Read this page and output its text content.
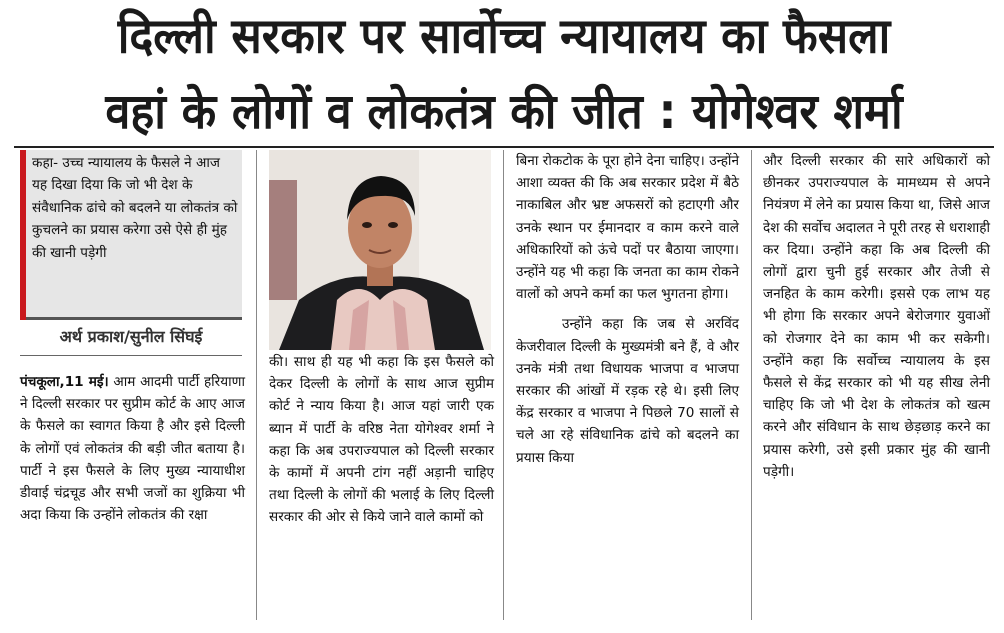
दिल्ली सरकार पर सार्वोच्च न्यायालय का फैसला
वहां के लोगों व लोकतंत्र की जीत : योगेश्वर शर्मा
कहा- उच्च न्यायालय के फैसले ने आज यह दिखा दिया कि जो भी देश के संवैधानिक ढांचे को बदलने या लोकतंत्र को कुचलने का प्रयास करेगा उसे ऐसे ही मुंह की खानी पड़ेगी
अर्थ प्रकाश/सुनील सिंघई
पंचकूला,11 मई। आम आदमी पार्टी हरियाणा ने दिल्ली सरकार पर सुप्रीम कोर्ट के आए आज के फैसले का स्वागत किया है और इसे दिल्ली के लोगों एवं लोकतंत्र की बड़ी जीत बताया है। पार्टी ने इस फैसले के लिए मुख्य न्यायाधीश डीवाई चंद्रचूड और सभी जजों का शुक्रिया भी अदा किया कि उन्होंने लोकतंत्र की रक्षा
की। साथ ही यह भी कहा कि इस फैसले को देकर दिल्ली के लोगों के साथ आज सुप्रीम कोर्ट ने न्याय किया है। आज यहां जारी एक ब्यान में पार्टी के वरिष्ठ नेता योगेश्वर शर्मा ने कहा कि अब उपराज्यपाल को दिल्ली सरकार के कामों में अपनी टांग नहीं अड़ानी चाहिए तथा दिल्ली के लोगों की भलाई के लिए दिल्ली सरकार की ओर से किये जाने वाले कामों को
बिना रोकटोक के पूरा होने देना चाहिए। उन्होंने आशा व्यक्त की कि अब सरकार प्रदेश में बैठे नाकाबिल और भ्रष्ट अफसरों को हटाएगी और उनके स्थान पर ईमानदार व काम करने वाले अधिकारियों को ऊंचे पदों पर बैठाया जाएगा। उन्होंने यह भी कहा कि जनता का काम रोकने वालों को अपने कर्मा का फल भुगतना होगा।
उन्होंने कहा कि जब से अरविंद केजरीवाल दिल्ली के मुख्यमंत्री बने हैं, वे और उनके मंत्री तथा विधायक भाजपा व भाजपा सरकार की आंखों में रड़क रहे थे। इसी लिए केंद्र सरकार व भाजपा ने पिछले 70 सालों से चले आ रहे संविधानिक ढांचे को बदलने का प्रयास किया
और दिल्ली सरकार की सारे अधिकारों को छीनकर उपराज्यपाल के मामध्यम से अपने नियंत्रण में लेने का प्रयास किया था, जिसे आज देश की सर्वोच अदालत ने पूरी तरह से धराशाही कर दिया। उन्होंने कहा कि अब दिल्ली की लोगों द्वारा चुनी हुई सरकार और तेजी से जनहित के काम करेगी। इससे एक लाभ यह भी होगा कि सरकार अपने बेरोजगार युवाओं को रोजगार देने का काम भी कर सकेगी। उन्होंने कहा कि सर्वोच्च न्यायालय के इस फैसले से केंद्र सरकार को भी यह सीख लेनी चाहिए कि जो भी देश के लोकतंत्र को खत्म करने और संविधान के साथ छेड़छाड़ करने का प्रयास करेगी, उसे इसी प्रकार मुंह की खानी पड़ेगी।
